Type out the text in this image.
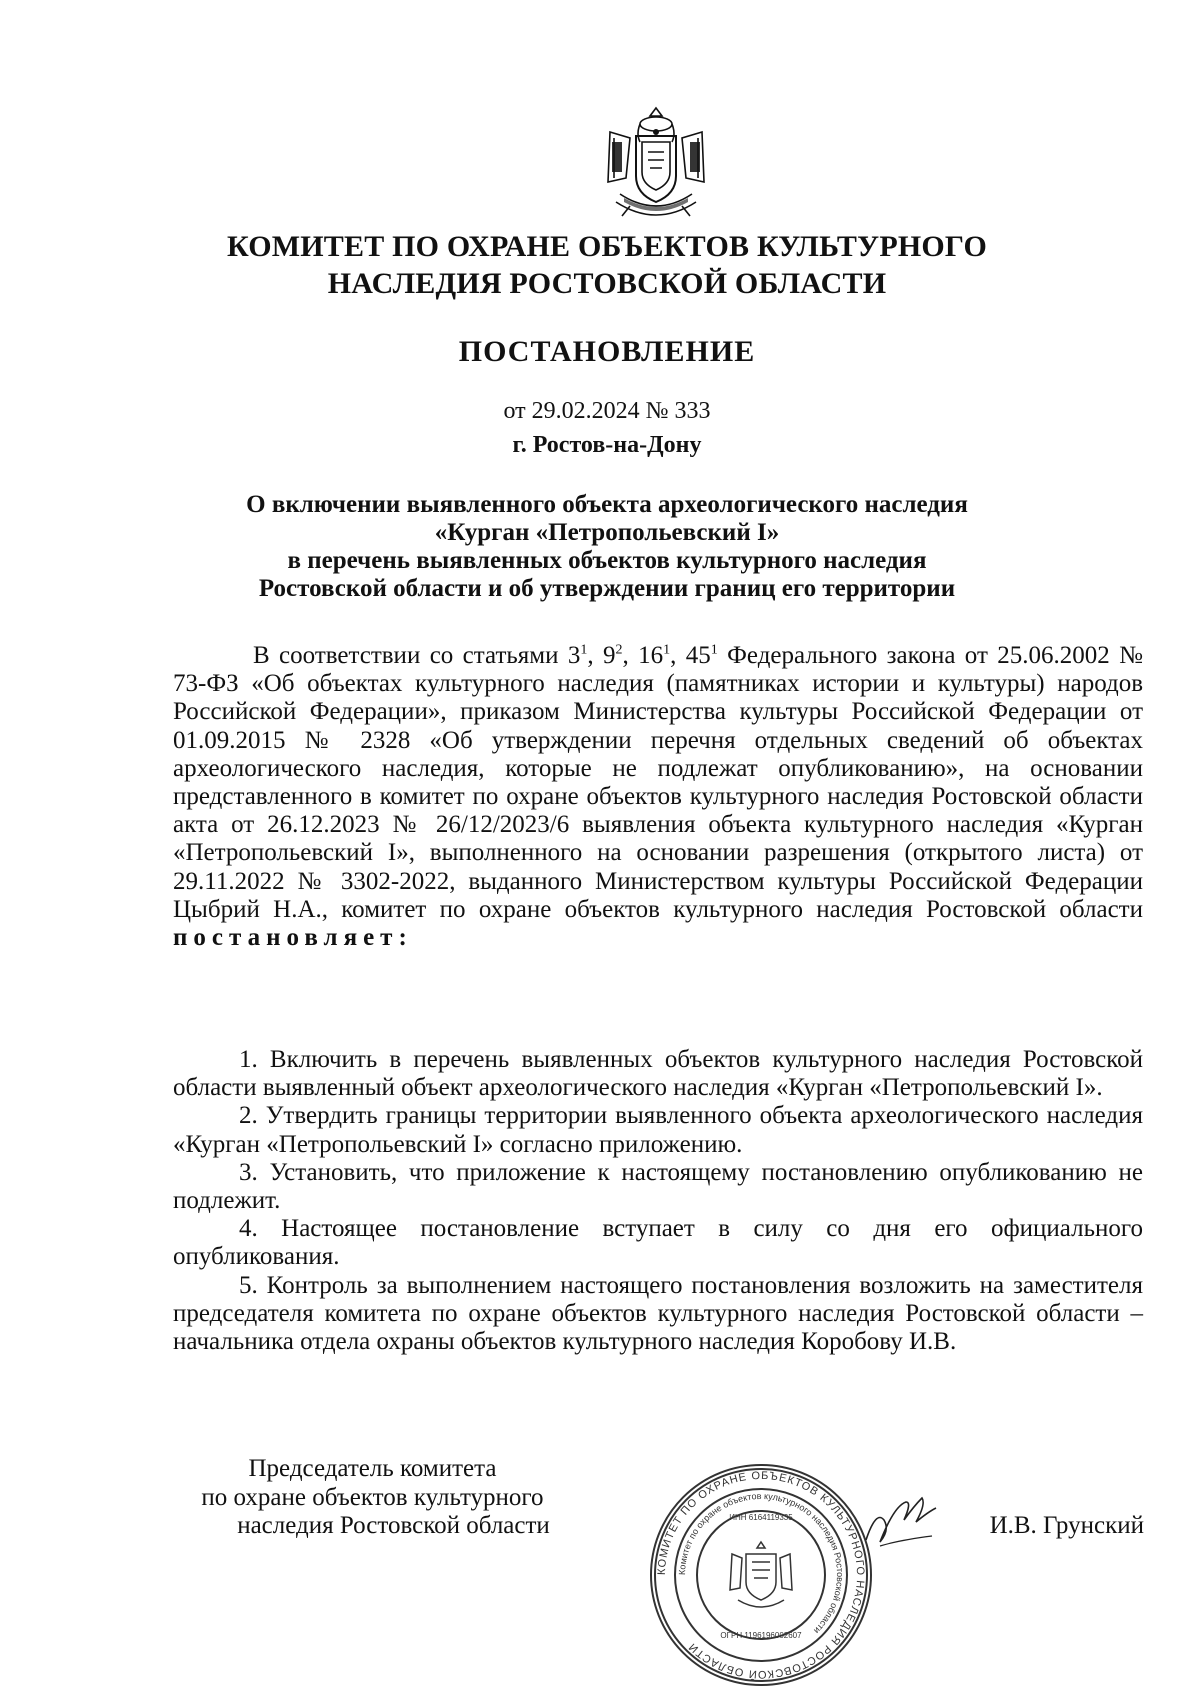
КОМИТЕТ ПО ОХРАНЕ ОБЪЕКТОВ КУЛЬТУРНОГО
НАСЛЕДИЯ РОСТОВСКОЙ ОБЛАСТИ
ПОСТАНОВЛЕНИЕ
от 29.02.2024 № 333
г. Ростов-на-Дону
О включении выявленного объекта археологического наследия
«Курган «Петропольевский I»
в перечень выявленных объектов культурного наследия
Ростовской области и об утверждении границ его территории
В соответствии со статьями $3^1$, $9^2$, $16^1$, $45^1$ Федерального закона от 25.06.2002 № 73-ФЗ «Об объектах культурного наследия (памятниках истории и культуры) народов Российской Федерации», приказом Министерства культуры Российской Федерации от 01.09.2015 № 2328 «Об утверждении перечня отдельных сведений об объектах археологического наследия, которые не подлежат опубликованию», на основании представленного в комитет по охране объектов культурного наследия Ростовской области акта от 26.12.2023 № 26/12/2023/6 выявления объекта культурного наследия «Курган «Петропольевский I», выполненного на основании разрешения (открытого листа) от 29.11.2022 № 3302-2022, выданного Министерством культуры Российской Федерации Цыбрий Н.А., комитет по охране объектов культурного наследия Ростовской области постановляет:
1. Включить в перечень выявленных объектов культурного наследия Ростовской области выявленный объект археологического наследия «Курган «Петропольевский I».
2. Утвердить границы территории выявленного объекта археологического наследия «Курган «Петропольевский I» согласно приложению.
3. Установить, что приложение к настоящему постановлению опубликованию не подлежит.
4. Настоящее постановление вступает в силу со дня его официального опубликования.
5. Контроль за выполнением настоящего постановления возложить на заместителя председателя комитета по охране объектов культурного наследия Ростовской области – начальника отдела охраны объектов культурного наследия Коробову И.В.
Председатель комитета
по охране объектов культурного
наследия Ростовской области
КОМИТЕТ ПО ОХРАНЕ ОБЪЕКТОВ КУЛЬТУРНОГО НАСЛЕДИЯ РОСТОВСКОЙ ОБЛАСТИ
Комитет по охране объектов культурного наследия Ростовской области
ИНН 6164119335
ОГРН 1196196002607
И.В. Грунский
